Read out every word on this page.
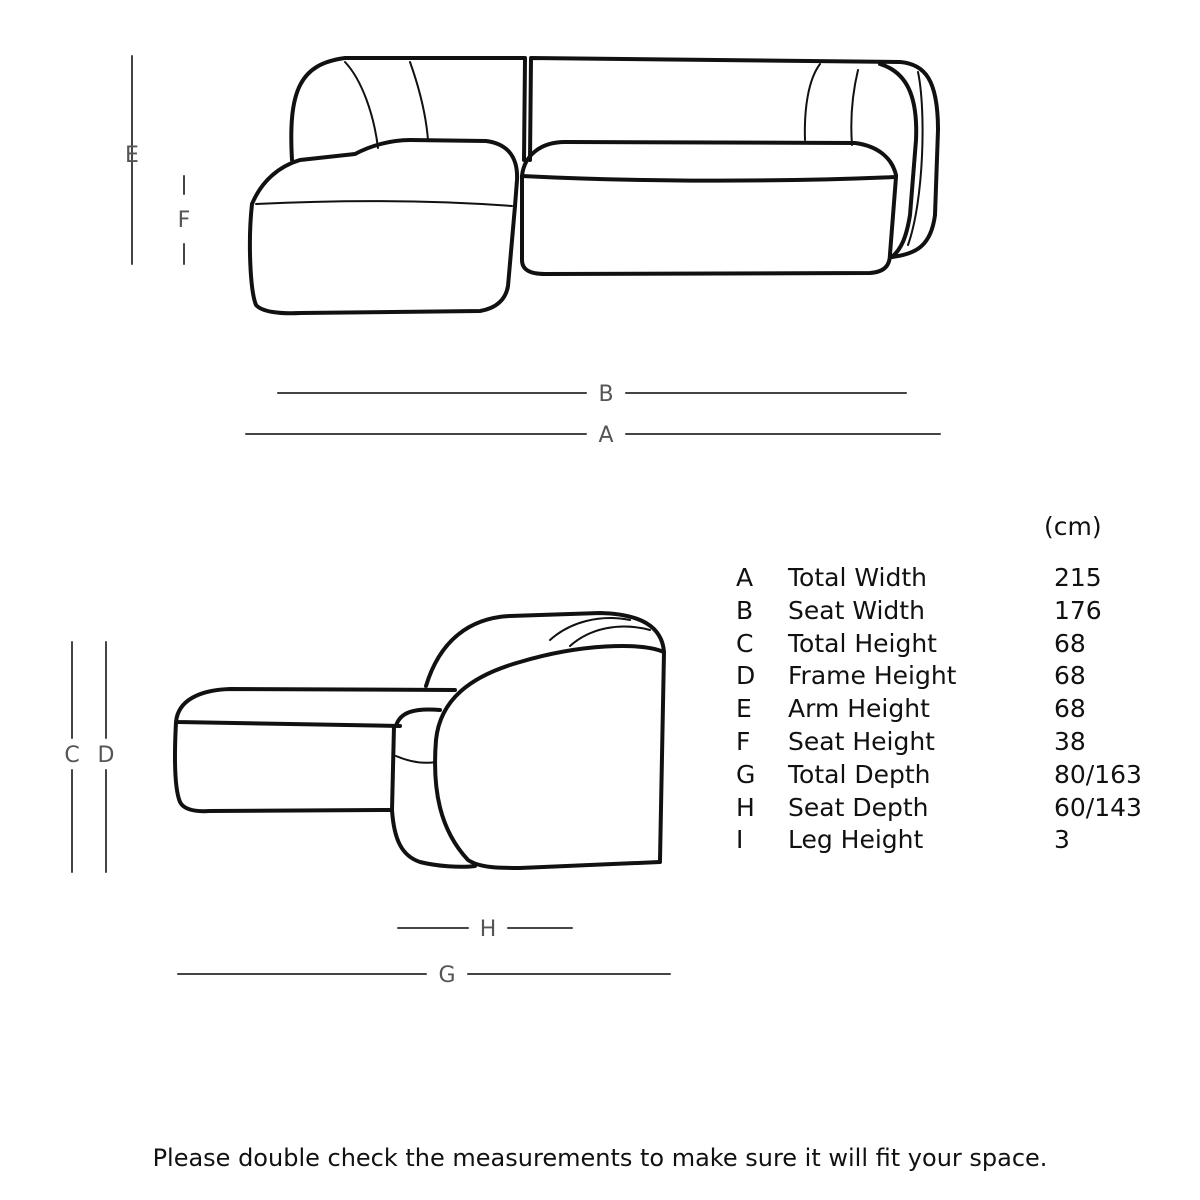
E
F
B
A
C D
H
G
(cm)
A	Total Width	215
B	Seat Width	176
C	Total Height	68
D	Frame Height	68
E	Arm Height	68
F	Seat Height	38
G	Total Depth	80/163
H	Seat Depth	60/143
I	Leg Height	3
Please double check the measurements to make sure it will fit your space.
